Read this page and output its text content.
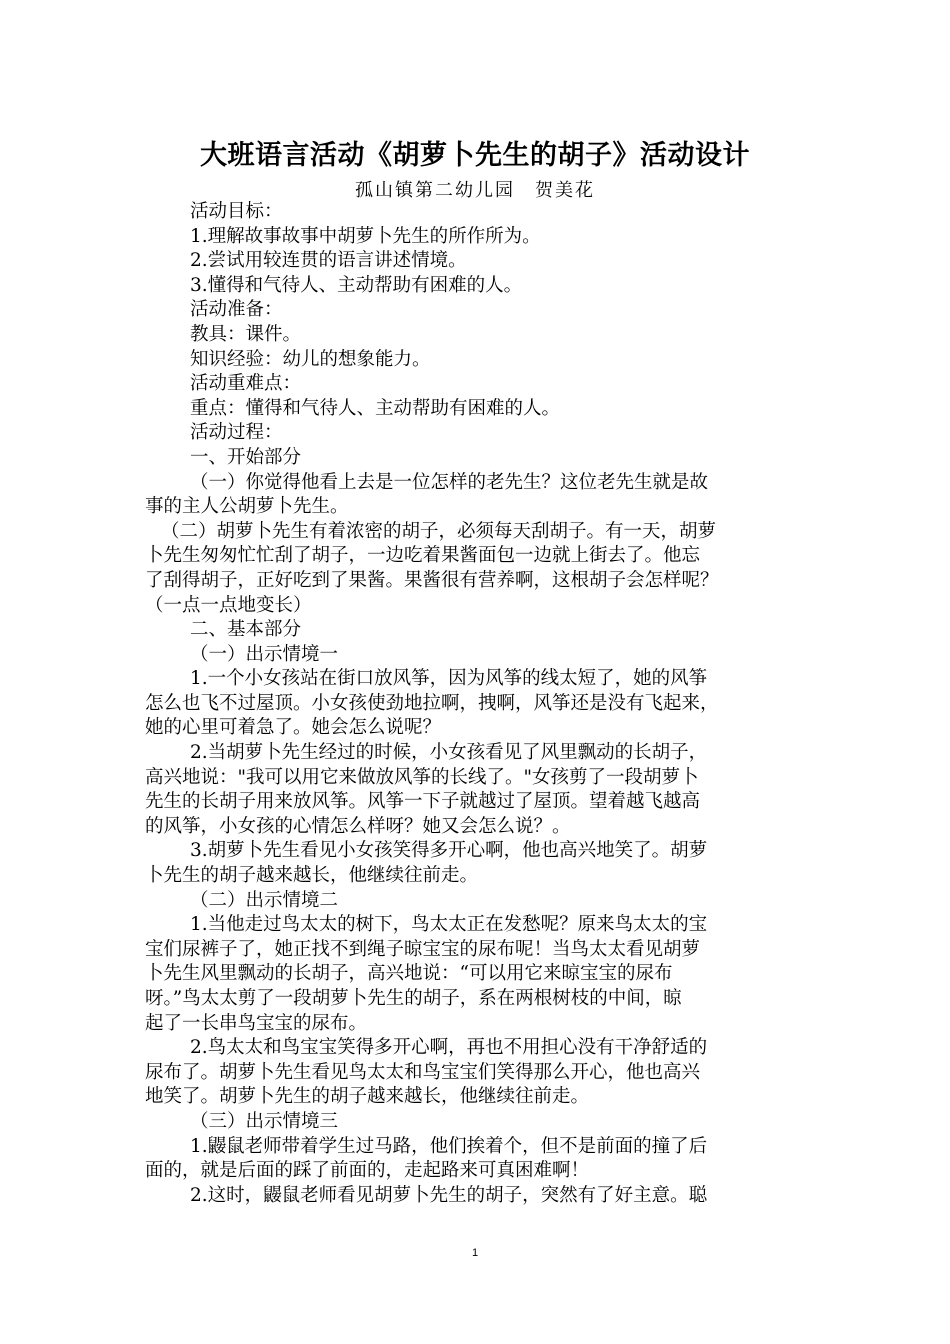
大班语言活动《胡萝卜先生的胡子》活动设计
孤山镇第二幼儿园　贺美花

活动目标：

1.理解故事故事中胡萝卜先生的所作所为。

2.尝试用较连贯的语言讲述情境。

3.懂得和气待人、主动帮助有困难的人。

活动准备：

教具：课件。

知识经验：幼儿的想象能力。

活动重难点：

重点：懂得和气待人、主动帮助有困难的人。

活动过程：

一、开始部分

（一）你觉得他看上去是一位怎样的老先生？这位老先生就是故

事的主人公胡萝卜先生。

（二）胡萝卜先生有着浓密的胡子，必须每天刮胡子。有一天，胡萝

卜先生匆匆忙忙刮了胡子，一边吃着果酱面包一边就上街去了。他忘

了刮得胡子，正好吃到了果酱。果酱很有营养啊，这根胡子会怎样呢？

（一点一点地变长）

二、基本部分

（一）出示情境一

1.一个小女孩站在街口放风筝，因为风筝的线太短了，她的风筝

怎么也飞不过屋顶。小女孩使劲地拉啊，拽啊，风筝还是没有飞起来，

她的心里可着急了。她会怎么说呢？

2.当胡萝卜先生经过的时候，小女孩看见了风里飘动的长胡子，

高兴地说："我可以用它来做放风筝的长线了。"女孩剪了一段胡萝卜

先生的长胡子用来放风筝。风筝一下子就越过了屋顶。望着越飞越高

的风筝，小女孩的心情怎么样呀？她又会怎么说？。

3.胡萝卜先生看见小女孩笑得多开心啊，他也高兴地笑了。胡萝

卜先生的胡子越来越长，他继续往前走。

（二）出示情境二

1.当他走过鸟太太的树下，鸟太太正在发愁呢？原来鸟太太的宝

宝们尿裤子了，她正找不到绳子晾宝宝的尿布呢！当鸟太太看见胡萝

卜先生风里飘动的长胡子，高兴地说：“可以用它来晾宝宝的尿布

呀。”鸟太太剪了一段胡萝卜先生的胡子，系在两根树枝的中间，晾

起了一长串鸟宝宝的尿布。

2.鸟太太和鸟宝宝笑得多开心啊，再也不用担心没有干净舒适的

尿布了。胡萝卜先生看见鸟太太和鸟宝宝们笑得那么开心，他也高兴

地笑了。胡萝卜先生的胡子越来越长，他继续往前走。

（三）出示情境三

1.鼹鼠老师带着学生过马路，他们挨着个，但不是前面的撞了后

面的，就是后面的踩了前面的，走起路来可真困难啊！

2.这时，鼹鼠老师看见胡萝卜先生的胡子，突然有了好主意。聪

1
